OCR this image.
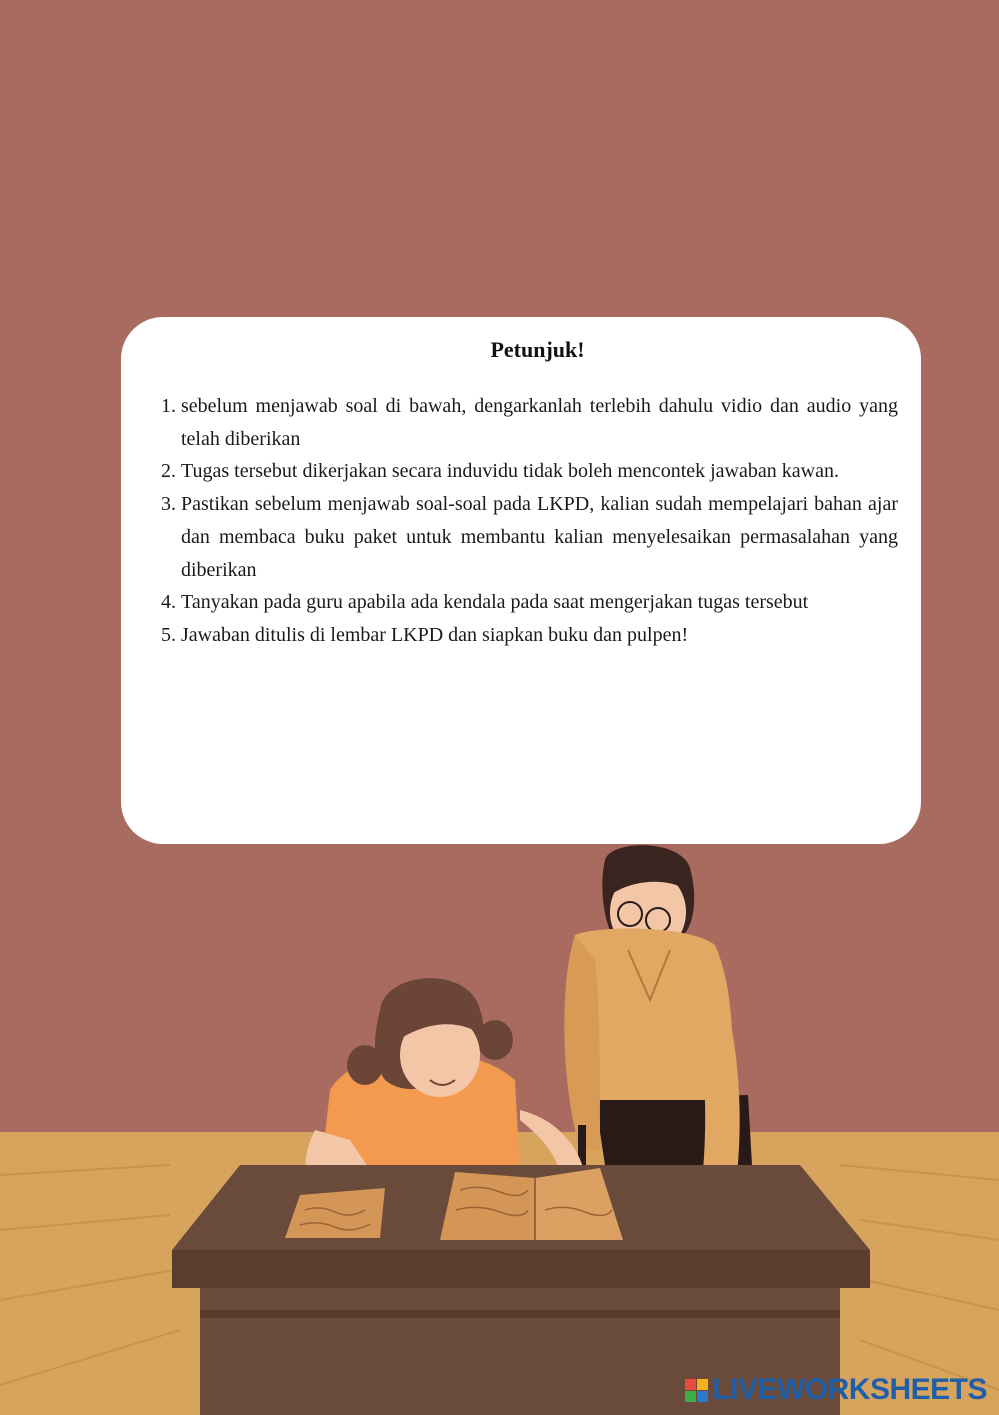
Petunjuk!
1. sebelum menjawab soal di bawah, dengarkanlah terlebih dahulu vidio dan audio yang telah diberikan
2. Tugas tersebut dikerjakan secara induvidu tidak boleh mencontek jawaban kawan.
3. Pastikan sebelum menjawab soal-soal pada LKPD, kalian sudah mempelajari bahan ajar dan membaca buku paket untuk membantu kalian menyelesaikan permasalahan yang diberikan
4. Tanyakan pada guru apabila ada kendala pada saat mengerjakan tugas tersebut
5. Jawaban ditulis di lembar LKPD dan siapkan buku dan pulpen!
LIVEWORKSHEETS
